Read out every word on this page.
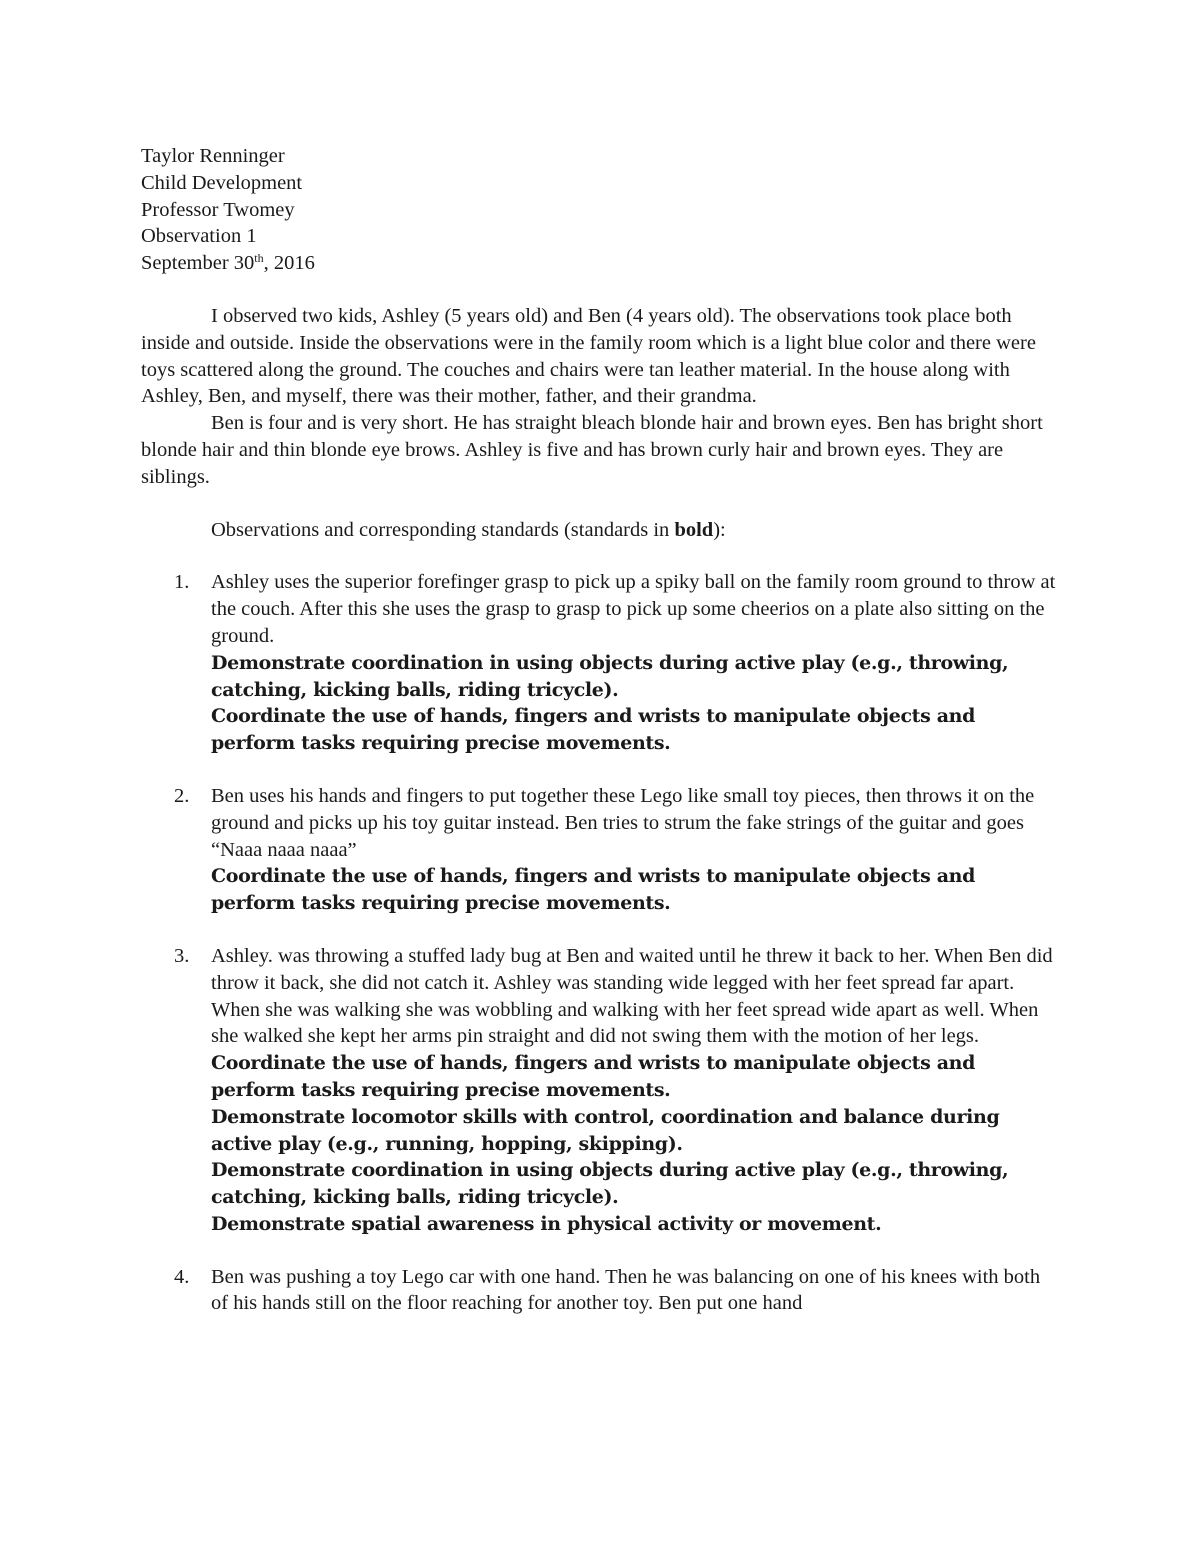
Taylor Renninger
Child Development
Professor Twomey
Observation 1
September 30th, 2016

I observed two kids, Ashley (5 years old) and Ben (4 years old). The observations took place both inside and outside. Inside the observations were in the family room which is a light blue color and there were toys scattered along the ground. The couches and chairs were tan leather material. In the house along with Ashley, Ben, and myself, there was their mother, father, and their grandma.

Ben is four and is very short. He has straight bleach blonde hair and brown eyes. Ben has bright short blonde hair and thin blonde eye brows. Ashley is five and has brown curly hair and brown eyes. They are siblings.

Observations and corresponding standards (standards in bold):

1. Ashley uses the superior forefinger grasp to pick up a spiky ball on the family room ground to throw at the couch. After this she uses the grasp to grasp to pick up some cheerios on a plate also sitting on the ground.
Demonstrate coordination in using objects during active play (e.g., throwing, catching, kicking balls, riding tricycle).
Coordinate the use of hands, fingers and wrists to manipulate objects and perform tasks requiring precise movements.
2. Ben uses his hands and fingers to put together these Lego like small toy pieces, then throws it on the ground and picks up his toy guitar instead. Ben tries to strum the fake strings of the guitar and goes “Naaa naaa naaa”
Coordinate the use of hands, fingers and wrists to manipulate objects and perform tasks requiring precise movements.
3. Ashley. was throwing a stuffed lady bug at Ben and waited until he threw it back to her. When Ben did throw it back, she did not catch it. Ashley was standing wide legged with her feet spread far apart. When she was walking she was wobbling and walking with her feet spread wide apart as well. When she walked she kept her arms pin straight and did not swing them with the motion of her legs.
Coordinate the use of hands, fingers and wrists to manipulate objects and perform tasks requiring precise movements.
Demonstrate locomotor skills with control, coordination and balance during active play (e.g., running, hopping, skipping).
Demonstrate coordination in using objects during active play (e.g., throwing, catching, kicking balls, riding tricycle).
Demonstrate spatial awareness in physical activity or movement.
4. Ben was pushing a toy Lego car with one hand. Then he was balancing on one of his knees with both of his hands still on the floor reaching for another toy. Ben put one hand
